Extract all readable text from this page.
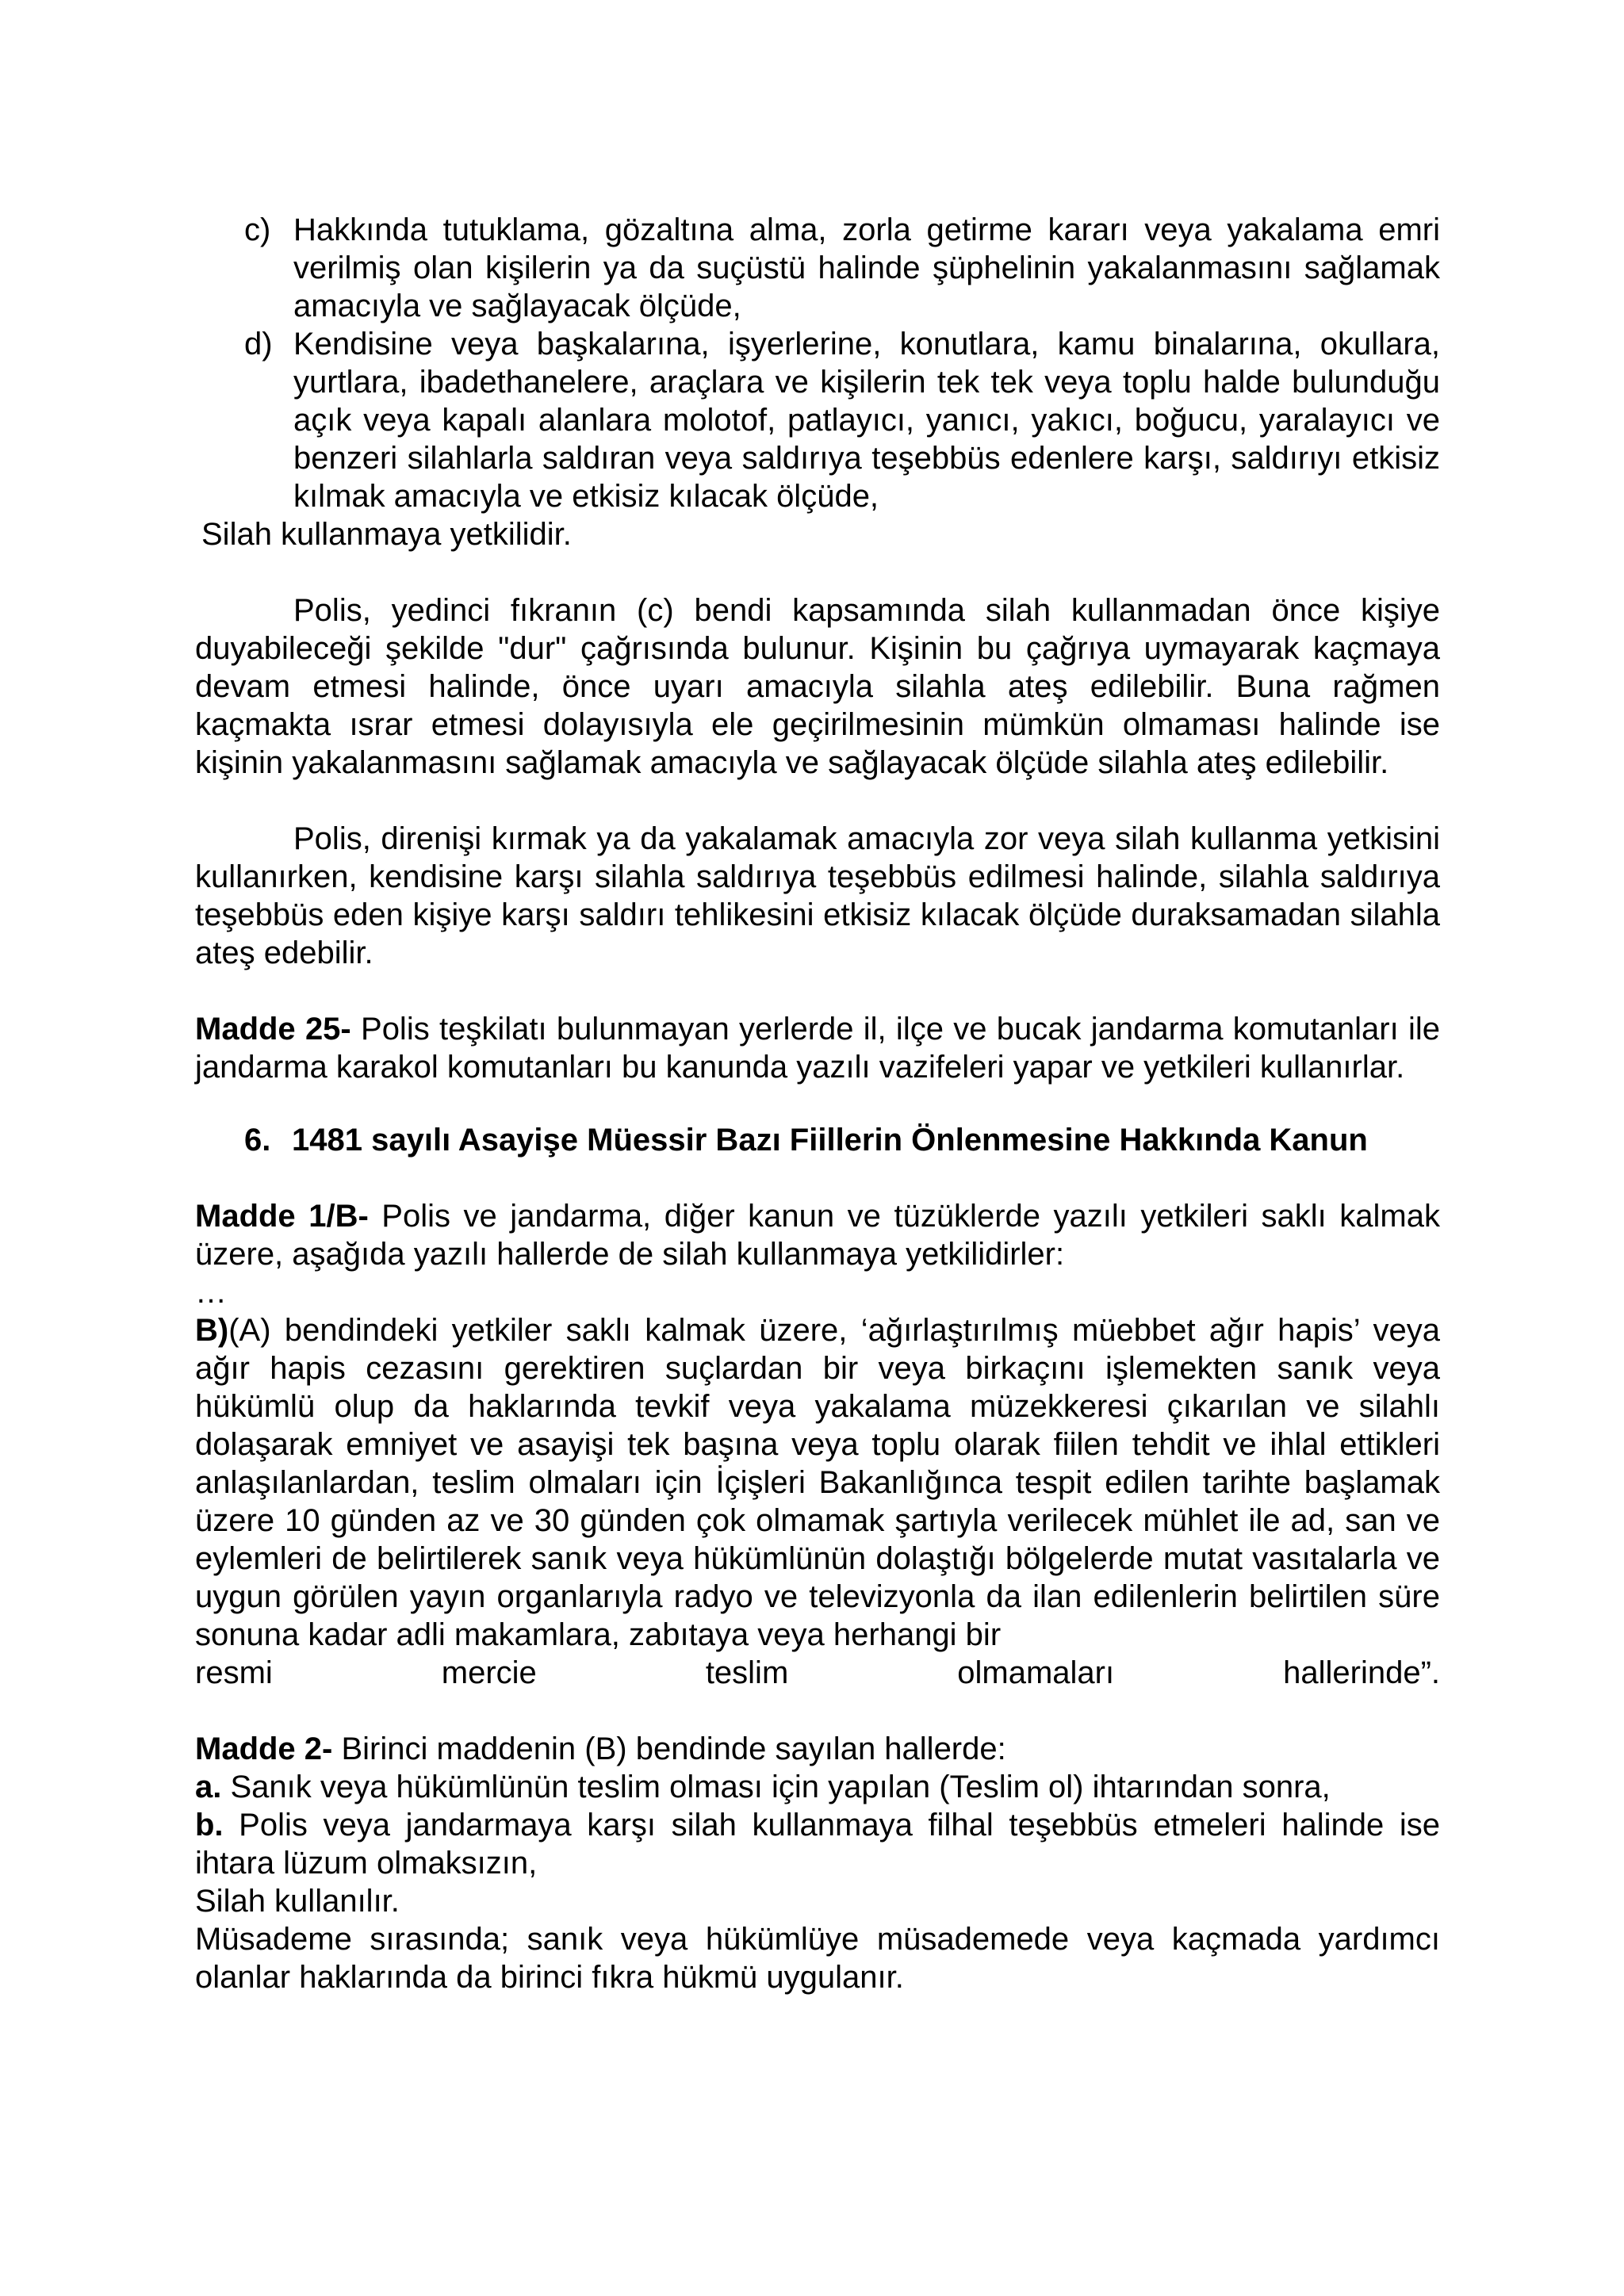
c) Hakkında tutuklama, gözaltına alma, zorla getirme kararı veya yakalama emri verilmiş olan kişilerin ya da suçüstü halinde şüphelinin yakalanmasını sağlamak amacıyla ve sağlayacak ölçüde,
d) Kendisine veya başkalarına, işyerlerine, konutlara, kamu binalarına, okullara, yurtlara, ibadethanelere, araçlara ve kişilerin tek tek veya toplu halde bulunduğu açık veya kapalı alanlara molotof, patlayıcı, yanıcı, yakıcı, boğucu, yaralayıcı ve benzeri silahlarla saldıran veya saldırıya teşebbüs edenlere karşı, saldırıyı etkisiz kılmak amacıyla ve etkisiz kılacak ölçüde,

Silah kullanmaya yetkilidir.

Polis, yedinci fıkranın (c) bendi kapsamında silah kullanmadan önce kişiye duyabileceği şekilde "dur" çağrısında bulunur. Kişinin bu çağrıya uymayarak kaçmaya devam etmesi halinde, önce uyarı amacıyla silahla ateş edilebilir. Buna rağmen kaçmakta ısrar etmesi dolayısıyla ele geçirilmesinin mümkün olmaması halinde ise kişinin yakalanmasını sağlamak amacıyla ve sağlayacak ölçüde silahla ateş edilebilir.

Polis, direnişi kırmak ya da yakalamak amacıyla zor veya silah kullanma yetkisini kullanırken, kendisine karşı silahla saldırıya teşebbüs edilmesi halinde, silahla saldırıya teşebbüs eden kişiye karşı saldırı tehlikesini etkisiz kılacak ölçüde duraksamadan silahla ateş edebilir.

Madde 25- Polis teşkilatı bulunmayan yerlerde il, ilçe ve bucak jandarma komutanları ile jandarma karakol komutanları bu kanunda yazılı vazifeleri yapar ve yetkileri kullanırlar.

6. 1481 sayılı Asayişe Müessir Bazı Fiillerin Önlenmesine Hakkında Kanun

Madde 1/B- Polis ve jandarma, diğer kanun ve tüzüklerde yazılı yetkileri saklı kalmak üzere, aşağıda yazılı hallerde de silah kullanmaya yetkilidirler:

…

B)(A) bendindeki yetkiler saklı kalmak üzere, ‘ağırlaştırılmış müebbet ağır hapis’ veya ağır hapis cezasını gerektiren suçlardan bir veya birkaçını işlemekten sanık veya hükümlü olup da haklarında tevkif veya yakalama müzekkeresi çıkarılan ve silahlı dolaşarak emniyet ve asayişi tek başına veya toplu olarak fiilen tehdit ve ihlal ettikleri anlaşılanlardan, teslim olmaları için İçişleri Bakanlığınca tespit edilen tarihte başlamak üzere 10 günden az ve 30 günden çok olmamak şartıyla verilecek mühlet ile ad, san ve eylemleri de belirtilerek sanık veya hükümlünün dolaştığı bölgelerde mutat vasıtalarla ve uygun görülen yayın organlarıyla radyo ve televizyonla da ilan edilenlerin belirtilen süre sonuna kadar adli makamlara, zabıtaya veya herhangi bir

resmi	mercie	teslim	olmamaları	hallerinde”.

Madde 2- Birinci maddenin (B) bendinde sayılan hallerde:

a. Sanık veya hükümlünün teslim olması için yapılan (Teslim ol) ihtarından sonra,

b. Polis veya jandarmaya karşı silah kullanmaya filhal teşebbüs etmeleri halinde ise ihtara lüzum olmaksızın,

Silah kullanılır.

Müsademe sırasında; sanık veya hükümlüye müsademede veya kaçmada yardımcı olanlar haklarında da birinci fıkra hükmü uygulanır.
